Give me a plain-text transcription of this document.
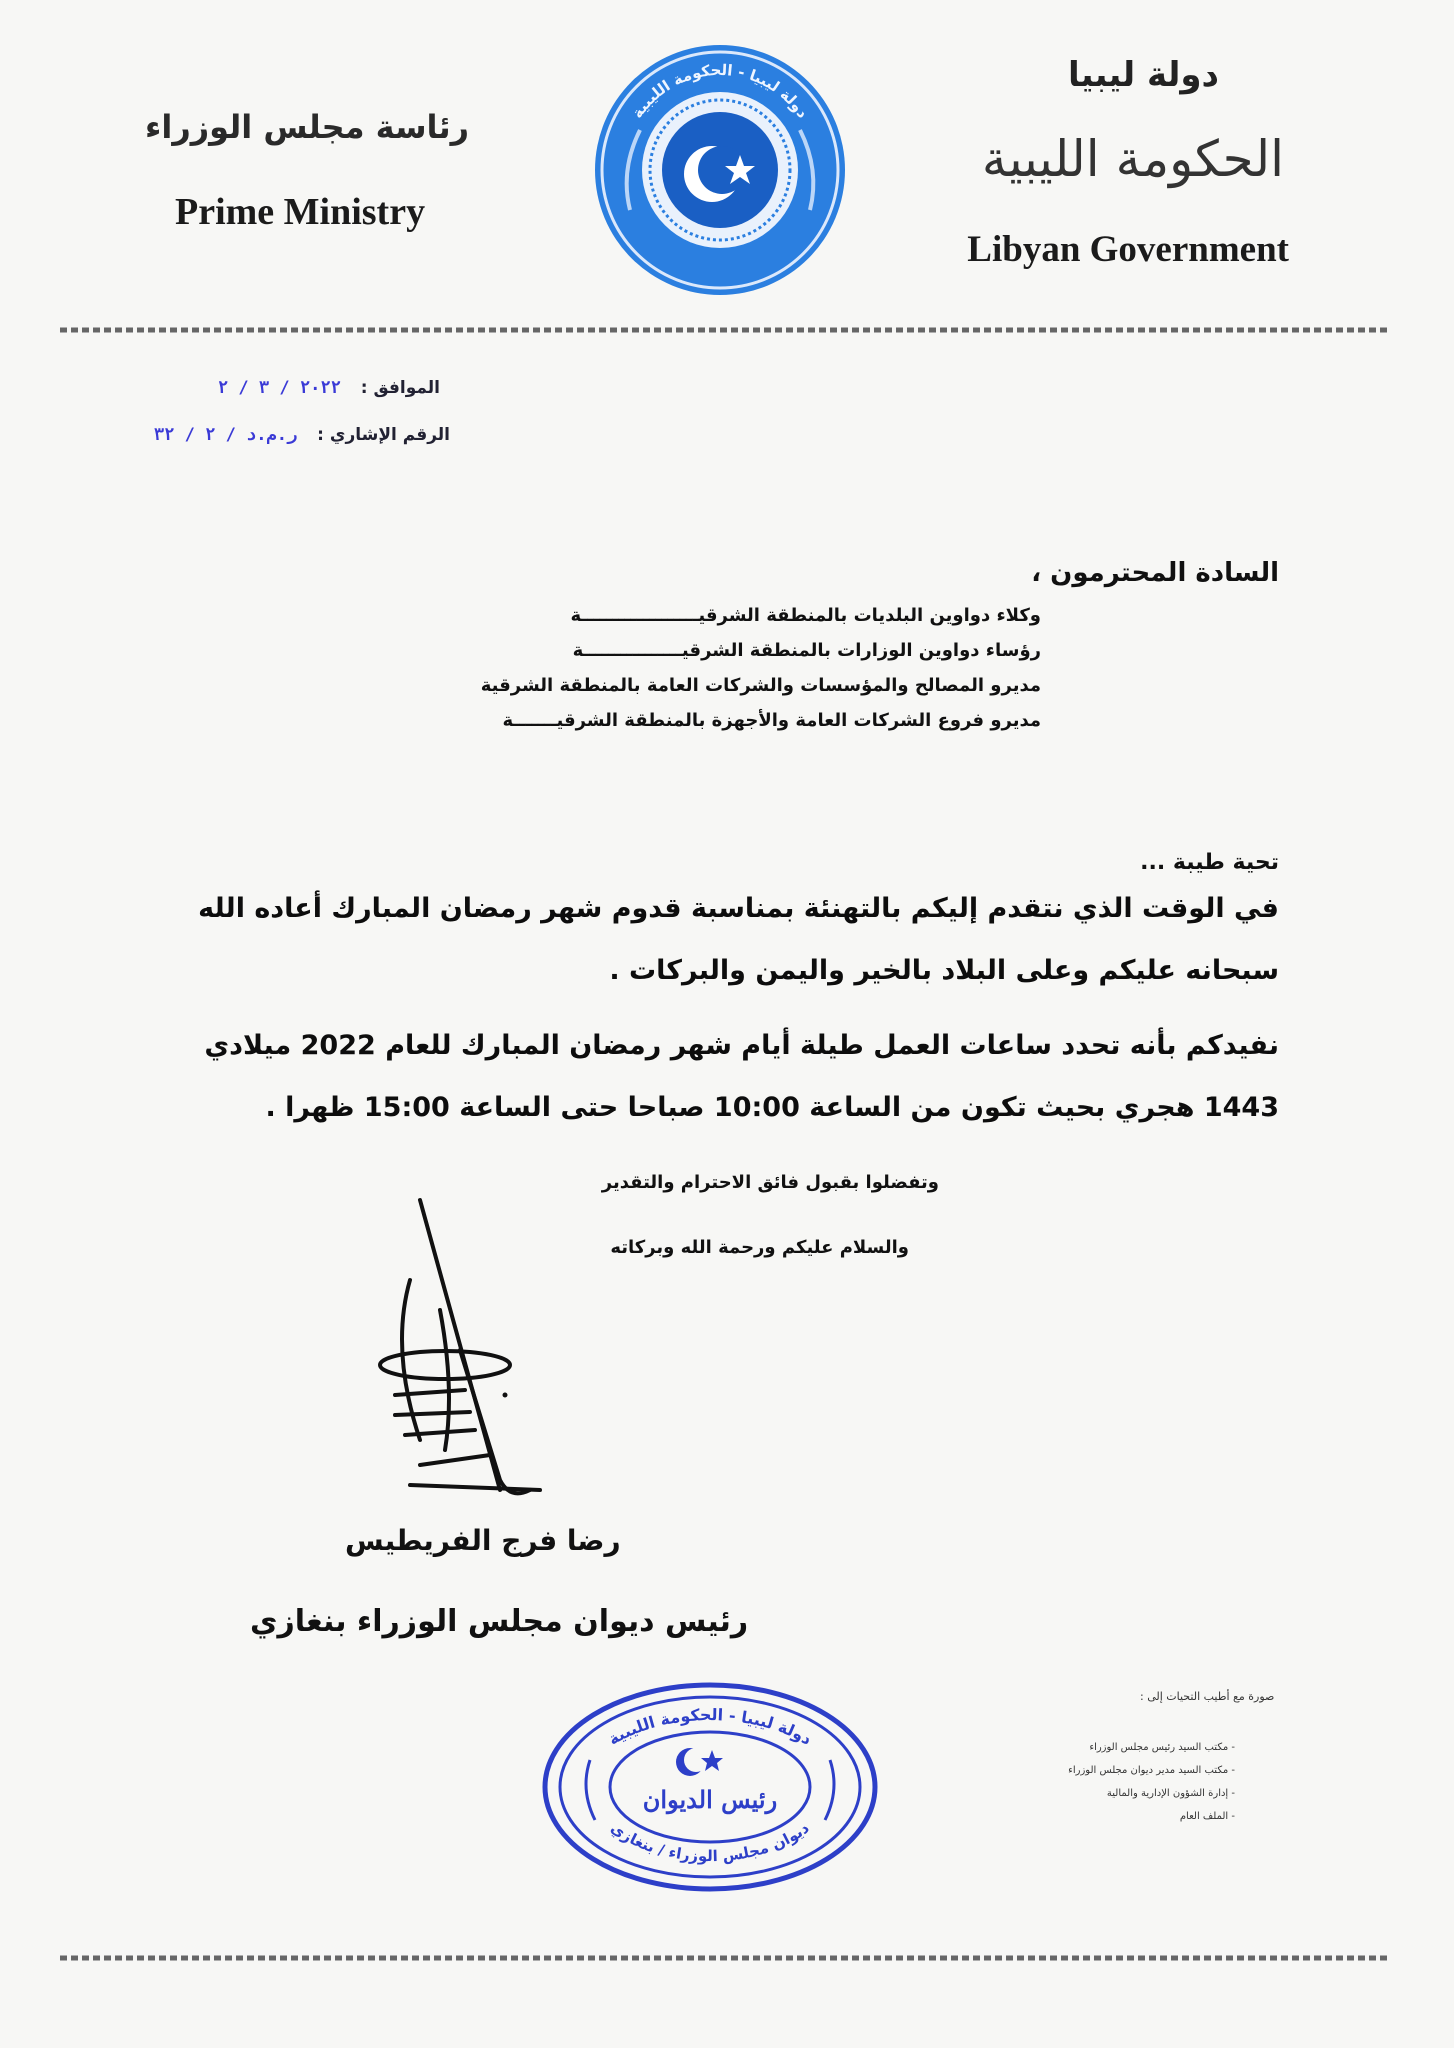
دولة ليبيا
الحكومة الليبية
Libyan Government
رئاسة مجلس الوزراء
Prime Ministry
دولة ليبيا - الحكومة الليبية
الموافق : ٢٠٢٢ / ٣ / ٢
الرقم الإشاري : ر.م.د / ٢ / ٣٢
السادة المحترمون ،
وكلاء دواوين البلديات بالمنطقة الشرقيـــــــــــــــــــة
رؤساء دواوين الوزارات بالمنطقة الشرقيــــــــــــــــة
مديرو المصالح والمؤسسات والشركات العامة بالمنطقة الشرقية
مديرو فروع الشركات العامة والأجهزة بالمنطقة الشرقيـــــــة
تحية طيبة ...
في الوقت الذي نتقدم إليكم بالتهنئة بمناسبة قدوم شهر رمضان المبارك أعاده الله
سبحانه عليكم وعلى البلاد بالخير واليمن والبركات .
نفيدكم بأنه تحدد ساعات العمل طيلة أيام شهر رمضان المبارك للعام 2022 ميلادي
1443 هجري بحيث تكون من الساعة 10:00 صباحا حتى الساعة 15:00 ظهرا .
وتفضلوا بقبول فائق الاحترام والتقدير
والسلام عليكم ورحمة الله وبركاته
رضا فرج الفريطيس
رئيس ديوان مجلس الوزراء بنغازي
دولة ليبيا - الحكومة الليبية
ديوان مجلس الوزراء / بنغازي
رئيس الديوان
صورة مع أطيب التحيات إلى :
- مكتب السيد رئيس مجلس الوزراء
- مكتب السيد مدير ديوان مجلس الوزراء
- إدارة الشؤون الإدارية والمالية
- الملف العام
